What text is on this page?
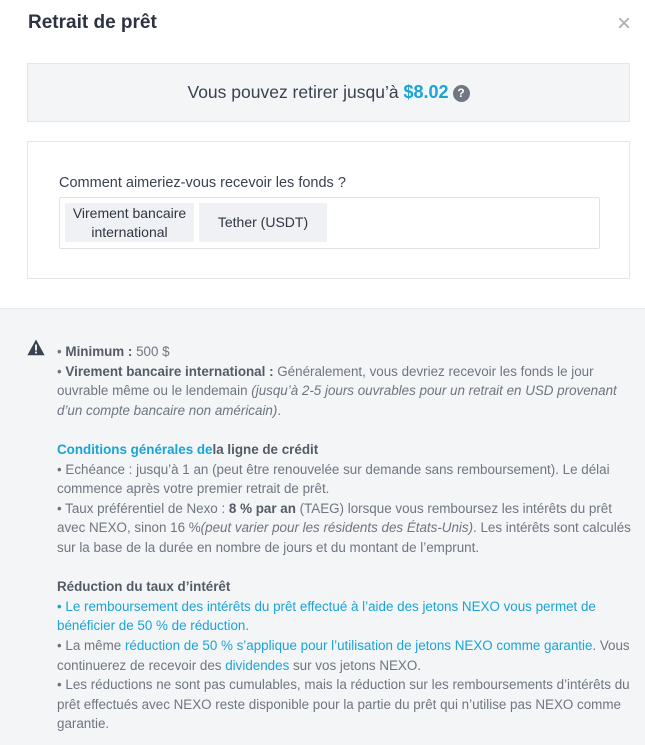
Retrait de prêt	×
Vous pouvez retirer jusqu’à $8.02 ?
Comment aimeriez-vous recevoir les fonds ?
Virement bancaire international
Tether (USDT)

• Minimum : 500 $

• Virement bancaire international : Généralement, vous devriez recevoir les fonds le jour ouvrable même ou le lendemain (jusqu’à 2-5 jours ouvrables pour un retrait en USD provenant d’un compte bancaire non américain).

Conditions générales dela ligne de crédit

• Echéance : jusqu’à 1 an (peut être renouvelée sur demande sans remboursement). Le délai commence après votre premier retrait de prêt.

• Taux préférentiel de Nexo : 8 % par an (TAEG) lorsque vous remboursez les intérêts du prêt avec NEXO, sinon 16 %(peut varier pour les résidents des États-Unis). Les intérêts sont calculés sur la base de la durée en nombre de jours et du montant de l’emprunt.

Réduction du taux d’intérêt

• Le remboursement des intérêts du prêt effectué à l’aide des jetons NEXO vous permet de bénéficier de 50 % de réduction.

• La même réduction de 50 % s’applique pour l’utilisation de jetons NEXO comme garantie. Vous continuerez de recevoir des dividendes sur vos jetons NEXO.

• Les réductions ne sont pas cumulables, mais la réduction sur les remboursements d’intérêts du prêt effectués avec NEXO reste disponible pour la partie du prêt qui n’utilise pas NEXO comme garantie.
